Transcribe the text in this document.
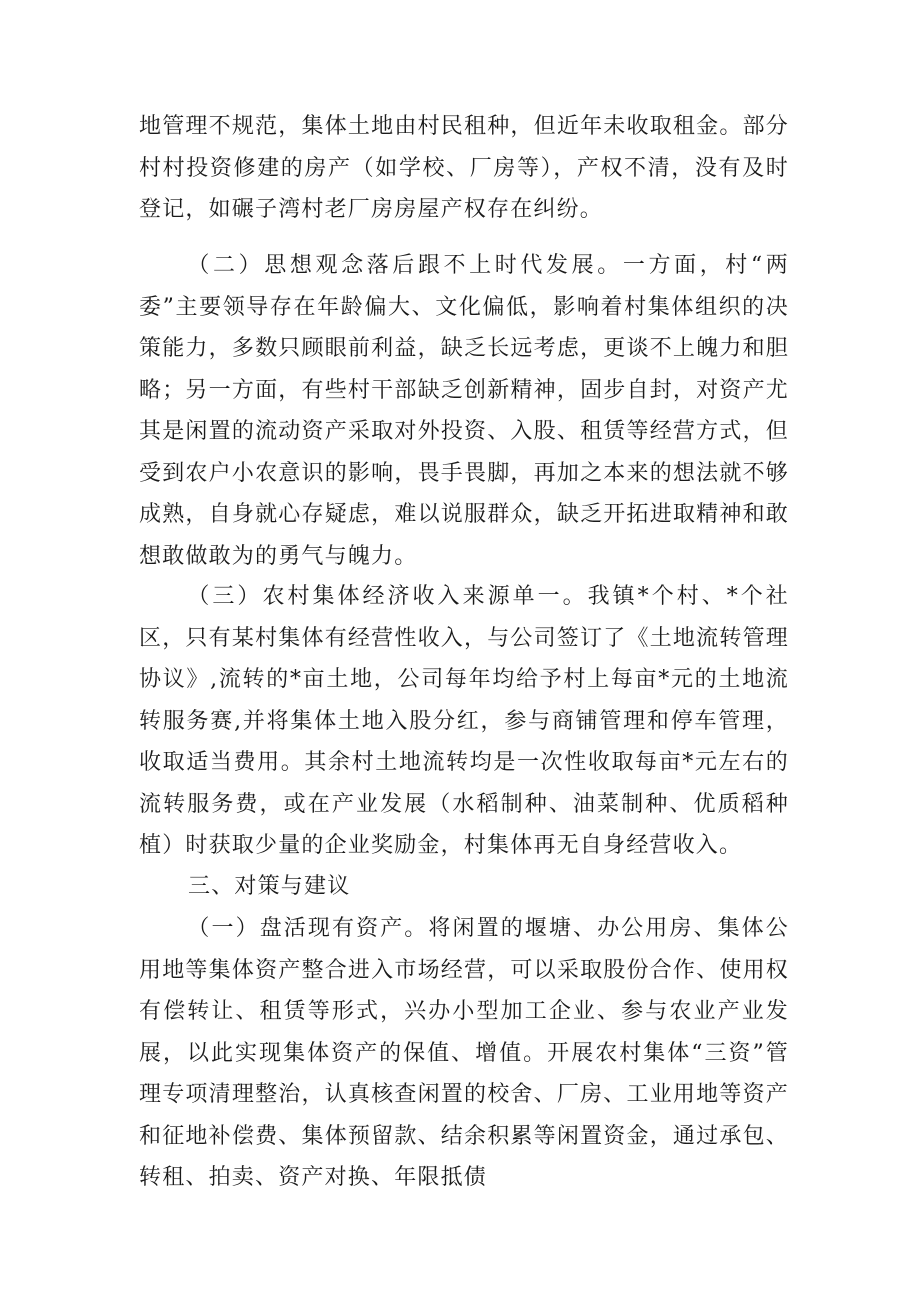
地管理不规范，集体土地由村民租种，但近年未收取租金。部分村村投资修建的房产（如学校、厂房等），产权不清，没有及时登记，如碾子湾村老厂房房屋产权存在纠纷。

（二）思想观念落后跟不上时代发展。一方面，村“两委”主要领导存在年龄偏大、文化偏低，影响着村集体组织的决策能力，多数只顾眼前利益，缺乏长远考虑，更谈不上魄力和胆略；另一方面，有些村干部缺乏创新精神，固步自封，对资产尤其是闲置的流动资产采取对外投资、入股、租赁等经营方式，但受到农户小农意识的影响，畏手畏脚，再加之本来的想法就不够成熟，自身就心存疑虑，难以说服群众，缺乏开拓进取精神和敢想敢做敢为的勇气与魄力。

（三）农村集体经济收入来源单一。我镇*个村、*个社区，只有某村集体有经营性收入，与公司签订了《土地流转管理协议》,流转的*亩土地，公司每年均给予村上每亩*元的土地流转服务赛,并将集体土地入股分红，参与商铺管理和停车管理，收取适当费用。其余村土地流转均是一次性收取每亩*元左右的流转服务费，或在产业发展（水稻制种、油菜制种、优质稻种植）时获取少量的企业奖励金，村集体再无自身经营收入。

三、对策与建议

（一）盘活现有资产。将闲置的堰塘、办公用房、集体公用地等集体资产整合进入市场经营，可以采取股份合作、使用权有偿转让、租赁等形式，兴办小型加工企业、参与农业产业发展，以此实现集体资产的保值、增值。开展农村集体“三资”管理专项清理整治，认真核查闲置的校舍、厂房、工业用地等资产和征地补偿费、集体预留款、结余积累等闲置资金，通过承包、转租、拍卖、资产对换、年限抵债
